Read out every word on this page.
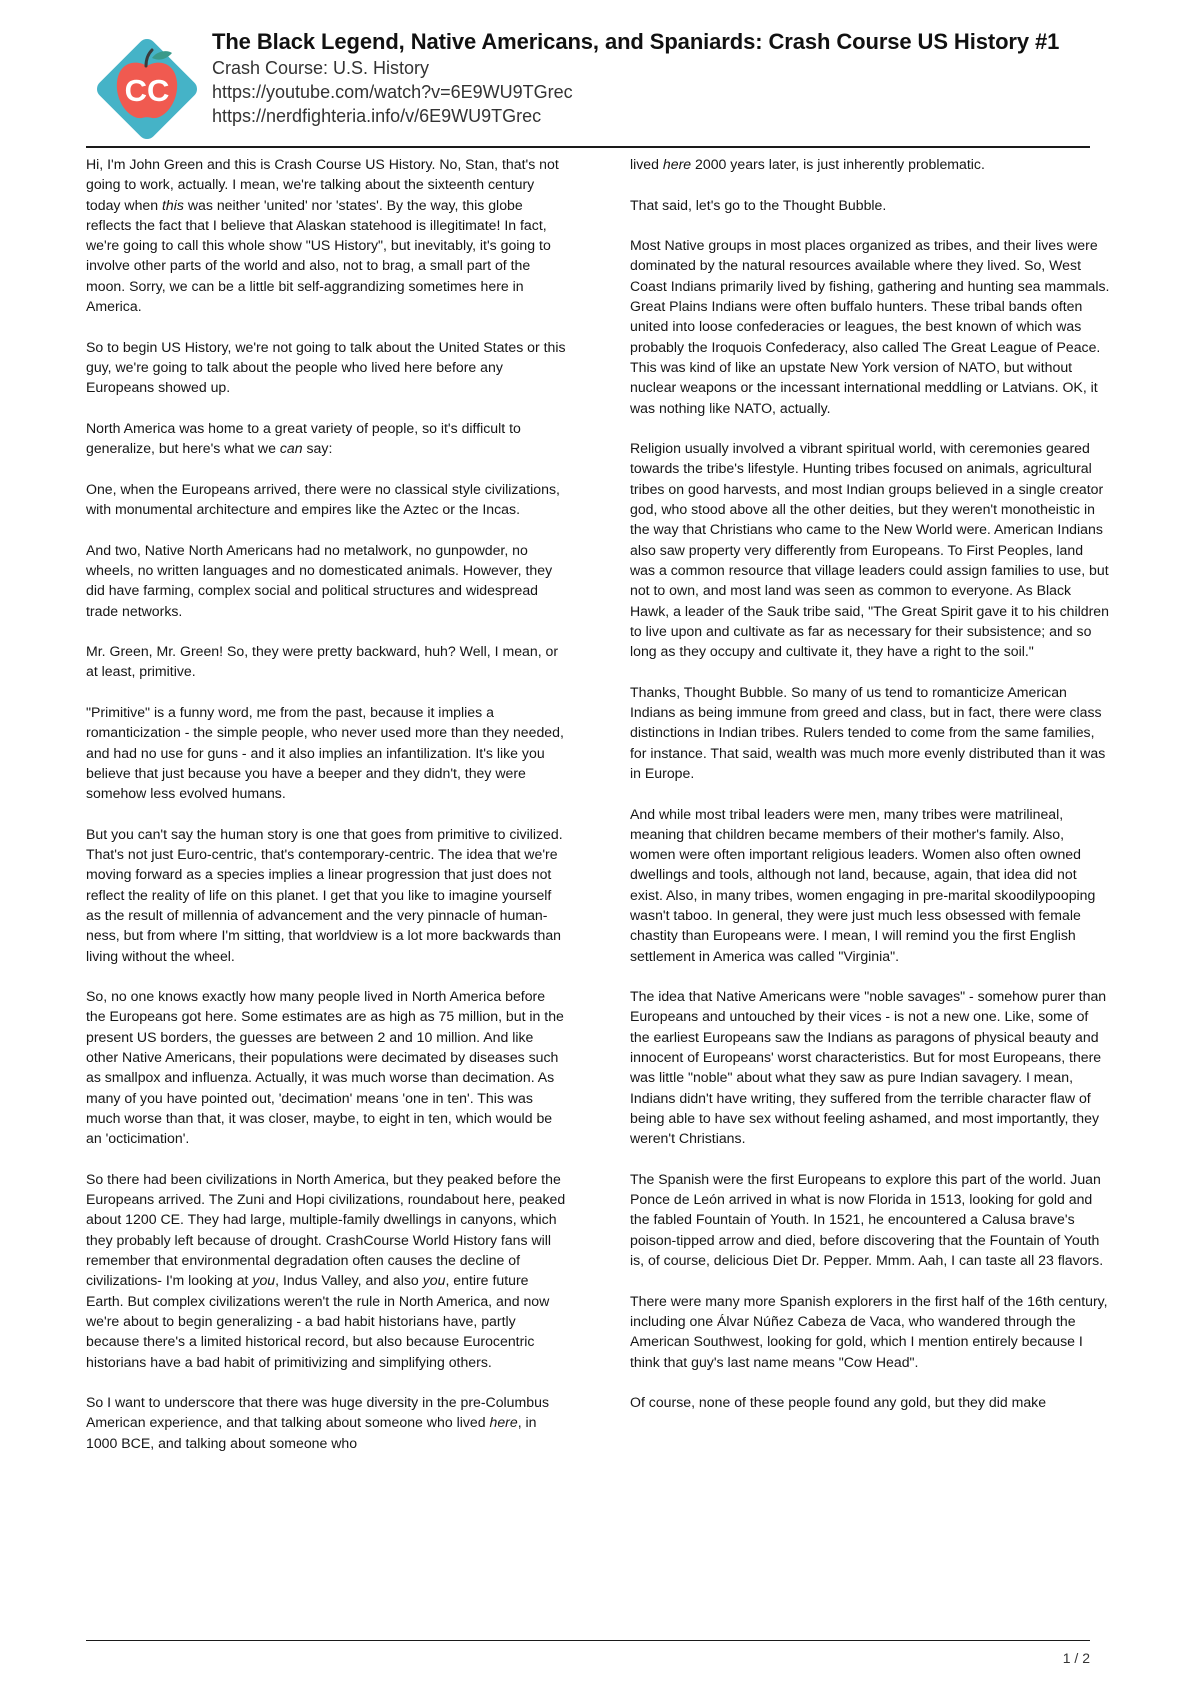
CC
The Black Legend, Native Americans, and Spaniards: Crash Course US History #1
Crash Course: U.S. History
https://youtube.com/watch?v=6E9WU9TGrec
https://nerdfighteria.info/v/6E9WU9TGrec

Hi, I'm John Green and this is Crash Course US History. No, Stan, that's not going to work, actually. I mean, we're talking about the sixteenth century today when this was neither 'united' nor 'states'. By the way, this globe reflects the fact that I believe that Alaskan statehood is illegitimate! In fact, we're going to call this whole show "US History", but inevitably, it's going to involve other parts of the world and also, not to brag, a small part of the moon. Sorry, we can be a little bit self-aggrandizing sometimes here in America.

So to begin US History, we're not going to talk about the United States or this guy, we're going to talk about the people who lived here before any Europeans showed up.

North America was home to a great variety of people, so it's difficult to generalize, but here's what we can say:

One, when the Europeans arrived, there were no classical style civilizations, with monumental architecture and empires like the Aztec or the Incas.

And two, Native North Americans had no metalwork, no gunpowder, no wheels, no written languages and no domesticated animals. However, they did have farming, complex social and political structures and widespread trade networks.

Mr. Green, Mr. Green! So, they were pretty backward, huh? Well, I mean, or at least, primitive.

"Primitive" is a funny word, me from the past, because it implies a romanticization - the simple people, who never used more than they needed, and had no use for guns - and it also implies an infantilization. It's like you believe that just because you have a beeper and they didn't, they were somehow less evolved humans.

But you can't say the human story is one that goes from primitive to civilized. That's not just Euro-centric, that's contemporary-centric. The idea that we're moving forward as a species implies a linear progression that just does not reflect the reality of life on this planet. I get that you like to imagine yourself as the result of millennia of advancement and the very pinnacle of human-ness, but from where I'm sitting, that worldview is a lot more backwards than living without the wheel.

So, no one knows exactly how many people lived in North America before the Europeans got here. Some estimates are as high as 75 million, but in the present US borders, the guesses are between 2 and 10 million. And like other Native Americans, their populations were decimated by diseases such as smallpox and influenza. Actually, it was much worse than decimation. As many of you have pointed out, 'decimation' means 'one in ten'. This was much worse than that, it was closer, maybe, to eight in ten, which would be an 'octicimation'.

So there had been civilizations in North America, but they peaked before the Europeans arrived. The Zuni and Hopi civilizations, roundabout here, peaked about 1200 CE. They had large, multiple-family dwellings in canyons, which they probably left because of drought. CrashCourse World History fans will remember that environmental degradation often causes the decline of civilizations- I'm looking at you, Indus Valley, and also you, entire future Earth. But complex civilizations weren't the rule in North America, and now we're about to begin generalizing - a bad habit historians have, partly because there's a limited historical record, but also because Eurocentric historians have a bad habit of primitivizing and simplifying others.

So I want to underscore that there was huge diversity in the pre-Columbus American experience, and that talking about someone who lived here, in 1000 BCE, and talking about someone who

lived here 2000 years later, is just inherently problematic.

That said, let's go to the Thought Bubble.

Most Native groups in most places organized as tribes, and their lives were dominated by the natural resources available where they lived. So, West Coast Indians primarily lived by fishing, gathering and hunting sea mammals. Great Plains Indians were often buffalo hunters. These tribal bands often united into loose confederacies or leagues, the best known of which was probably the Iroquois Confederacy, also called The Great League of Peace. This was kind of like an upstate New York version of NATO, but without nuclear weapons or the incessant international meddling or Latvians. OK, it was nothing like NATO, actually.

Religion usually involved a vibrant spiritual world, with ceremonies geared towards the tribe's lifestyle. Hunting tribes focused on animals, agricultural tribes on good harvests, and most Indian groups believed in a single creator god, who stood above all the other deities, but they weren't monotheistic in the way that Christians who came to the New World were. American Indians also saw property very differently from Europeans. To First Peoples, land was a common resource that village leaders could assign families to use, but not to own, and most land was seen as common to everyone. As Black Hawk, a leader of the Sauk tribe said, "The Great Spirit gave it to his children to live upon and cultivate as far as necessary for their subsistence; and so long as they occupy and cultivate it, they have a right to the soil."

Thanks, Thought Bubble. So many of us tend to romanticize American Indians as being immune from greed and class, but in fact, there were class distinctions in Indian tribes. Rulers tended to come from the same families, for instance. That said, wealth was much more evenly distributed than it was in Europe.

And while most tribal leaders were men, many tribes were matrilineal, meaning that children became members of their mother's family. Also, women were often important religious leaders. Women also often owned dwellings and tools, although not land, because, again, that idea did not exist. Also, in many tribes, women engaging in pre-marital skoodilypooping wasn't taboo. In general, they were just much less obsessed with female chastity than Europeans were. I mean, I will remind you the first English settlement in America was called "Virginia".

The idea that Native Americans were "noble savages" - somehow purer than Europeans and untouched by their vices - is not a new one. Like, some of the earliest Europeans saw the Indians as paragons of physical beauty and innocent of Europeans' worst characteristics. But for most Europeans, there was little "noble" about what they saw as pure Indian savagery. I mean, Indians didn't have writing, they suffered from the terrible character flaw of being able to have sex without feeling ashamed, and most importantly, they weren't Christians.

The Spanish were the first Europeans to explore this part of the world. Juan Ponce de León arrived in what is now Florida in 1513, looking for gold and the fabled Fountain of Youth. In 1521, he encountered a Calusa brave's poison-tipped arrow and died, before discovering that the Fountain of Youth is, of course, delicious Diet Dr. Pepper. Mmm. Aah, I can taste all 23 flavors.

There were many more Spanish explorers in the first half of the 16th century, including one Álvar Núñez Cabeza de Vaca, who wandered through the American Southwest, looking for gold, which I mention entirely because I think that guy's last name means "Cow Head".

Of course, none of these people found any gold, but they did make

1 / 2
